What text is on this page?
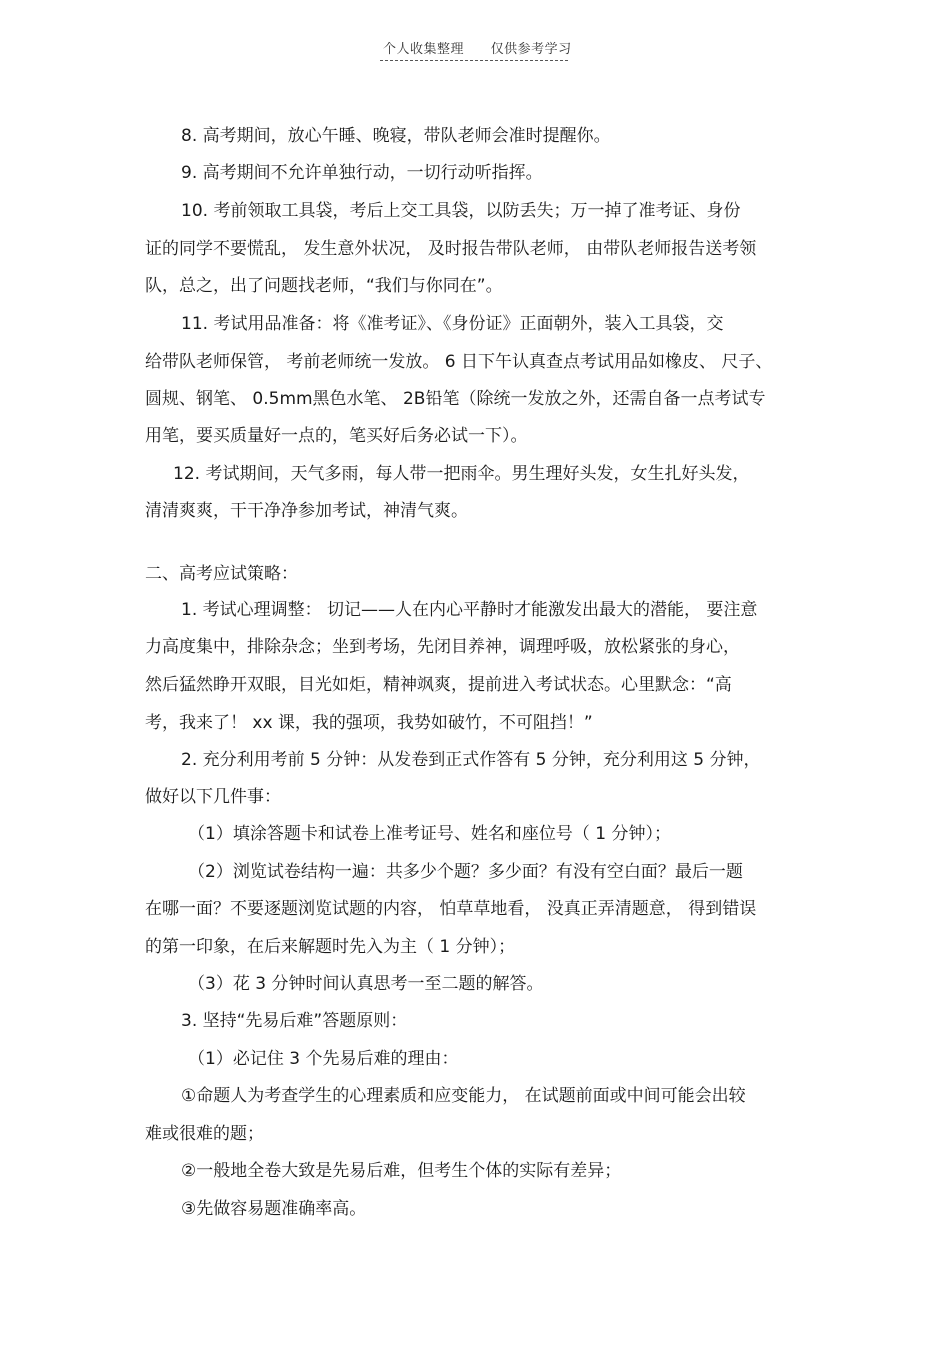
个人收集整理 仅供参考学习
8. 高考期间，放心午睡、晚寝，带队老师会准时提醒你。
9. 高考期间不允许单独行动，一切行动听指挥。
10. 考前领取工具袋，考后上交工具袋，以防丢失；万一掉了准考证、身份
证的同学不要慌乱， 发生意外状况， 及时报告带队老师， 由带队老师报告送考领
队，总之，出了问题找老师，“我们与你同在”。
11. 考试用品准备：将《准考证》、《身份证》正面朝外，装入工具袋，交
给带队老师保管， 考前老师统一发放。 6 日下午认真查点考试用品如橡皮、 尺子、
圆规、钢笔、 0.5mm黑色水笔、 2B铅笔（除统一发放之外，还需自备一点考试专
用笔，要买质量好一点的，笔买好后务必试一下）。
12. 考试期间，天气多雨，每人带一把雨伞。男生理好头发，女生扎好头发，
清清爽爽，干干净净参加考试，神清气爽。
二、高考应试策略：
1. 考试心理调整： 切记——人在内心平静时才能激发出最大的潜能， 要注意
力高度集中，排除杂念；坐到考场，先闭目养神，调理呼吸，放松紧张的身心，
然后猛然睁开双眼，目光如炬，精神飒爽，提前进入考试状态。心里默念：“高
考，我来了！ xx 课，我的强项，我势如破竹，不可阻挡！”
2. 充分利用考前 5 分钟：从发卷到正式作答有 5 分钟，充分利用这 5 分钟，
做好以下几件事：
（1）填涂答题卡和试卷上准考证号、姓名和座位号（ 1 分钟）；
（2）浏览试卷结构一遍：共多少个题？多少面？有没有空白面？最后一题
在哪一面？不要逐题浏览试题的内容， 怕草草地看， 没真正弄清题意， 得到错误
的第一印象，在后来解题时先入为主（ 1 分钟）；
（3）花 3 分钟时间认真思考一至二题的解答。
3. 坚持“先易后难”答题原则：
（1）必记住 3 个先易后难的理由：
①命题人为考查学生的心理素质和应变能力， 在试题前面或中间可能会出较
难或很难的题；
②一般地全卷大致是先易后难，但考生个体的实际有差异；
③先做容易题准确率高。
